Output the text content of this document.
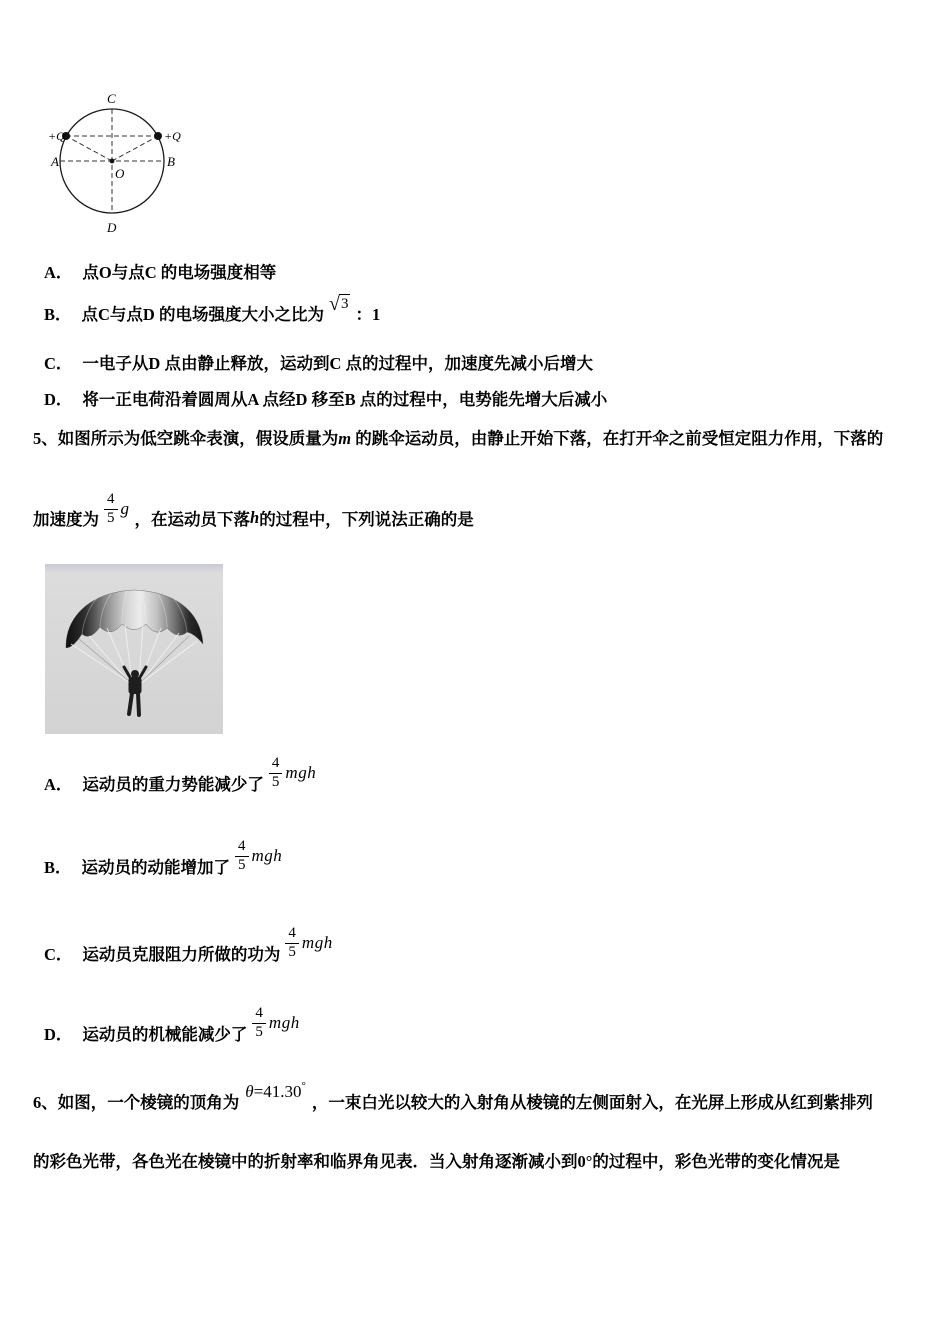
C
D
A	B
O
+Q	+Q
A． 点O与点C 的电场强度相等
B． 点C与点D 的电场强度大小之比为 √ 3
：1
C． 一电子从D 点由静止释放，运动到C 点的过程中，加速度先减小后增大
D． 将一正电荷沿着圆周从A 点经D 移至B 点的过程中，电势能先增大后减小
5、如图所示为低空跳伞表演，假设质量为m 的跳伞运动员，由静止开始下落，在打开伞之前受恒定阻力作用，下落的
加速度为 $\frac{4}{5}$ g
，在运动员下落 h 的过程中，下列说法正确的是
A． 运动员的重力势能减少了 $\frac{4}{5}$ mgh
B． 运动员的动能增加了 $\frac{4}{5}$ mgh
C． 运动员克服阻力所做的功为 $\frac{4}{5}$ mgh
D． 运动员的机械能减少了 $\frac{4}{5}$ mgh
6、如图，一个棱镜的顶角为
θ =41.30 °
，一束白光以较大的入射角从棱镜的左侧面射入，在光屏上形成从红到紫排列
的彩色光带，各色光在棱镜中的折射率和临界角见表．当入射角逐渐减小到0°的过程中，彩色光带的变化情况是
